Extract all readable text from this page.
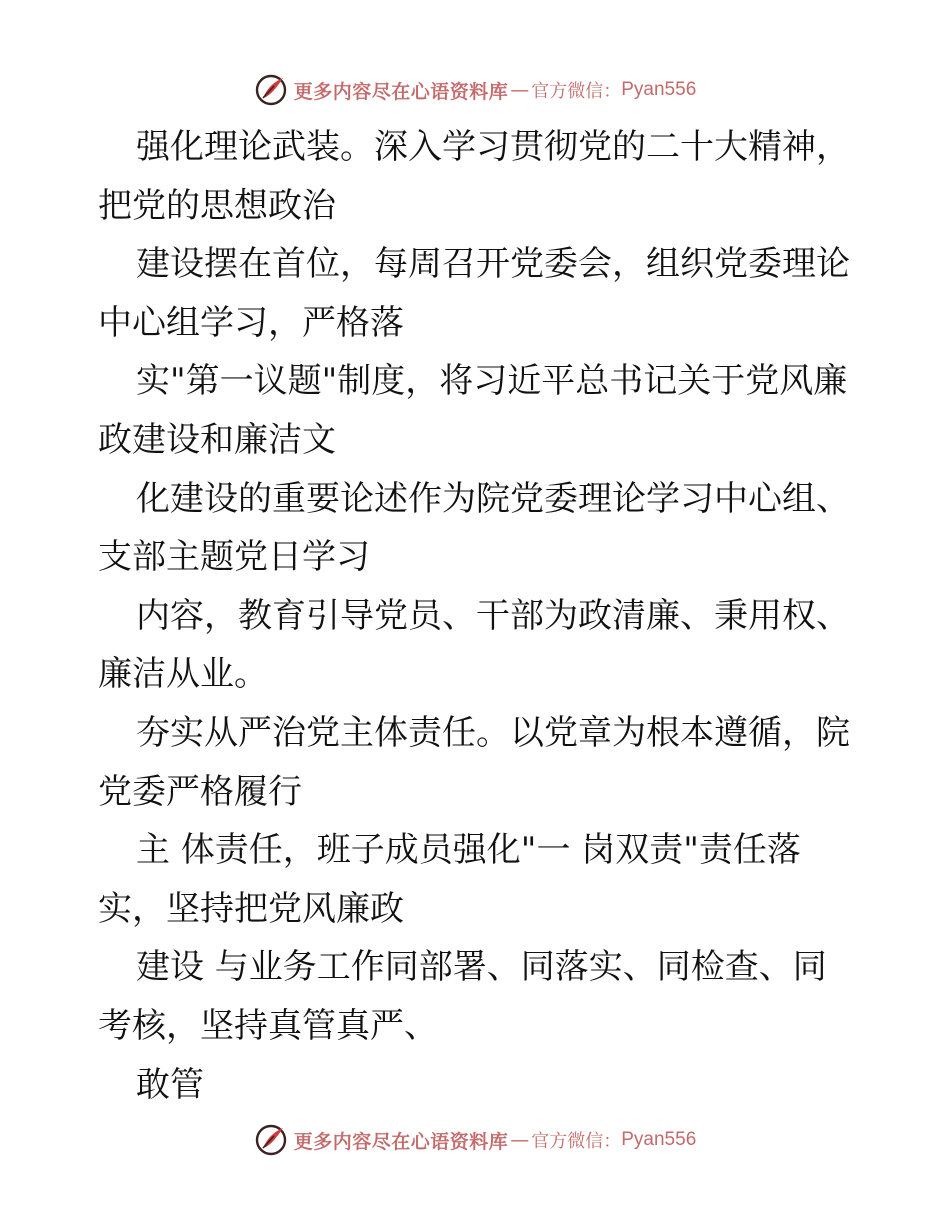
更多内容尽在心语资料库 — 官方微信： Pyan556
强化理论武装。深入学习贯彻党的二十大精神，
把党的思想政治
建设摆在首位，每周召开党委会，组织党委理论
中心组学习，严格落
实"第一议题"制度，将习近平总书记关于党风廉
政建设和廉洁文
化建设的重要论述作为院党委理论学习中心组、
支部主题党日学习
内容，教育引导党员、干部为政清廉、秉用权、
廉洁从业。
夯实从严治党主体责任。以党章为根本遵循，院
党委严格履行
主 体责任，班子成员强化"一 岗双责"责任落
实，坚持把党风廉政
建设 与业务工作同部署、同落实、同检查、同
考核，坚持真管真严、
敢管
更多内容尽在心语资料库 — 官方微信： Pyan556
